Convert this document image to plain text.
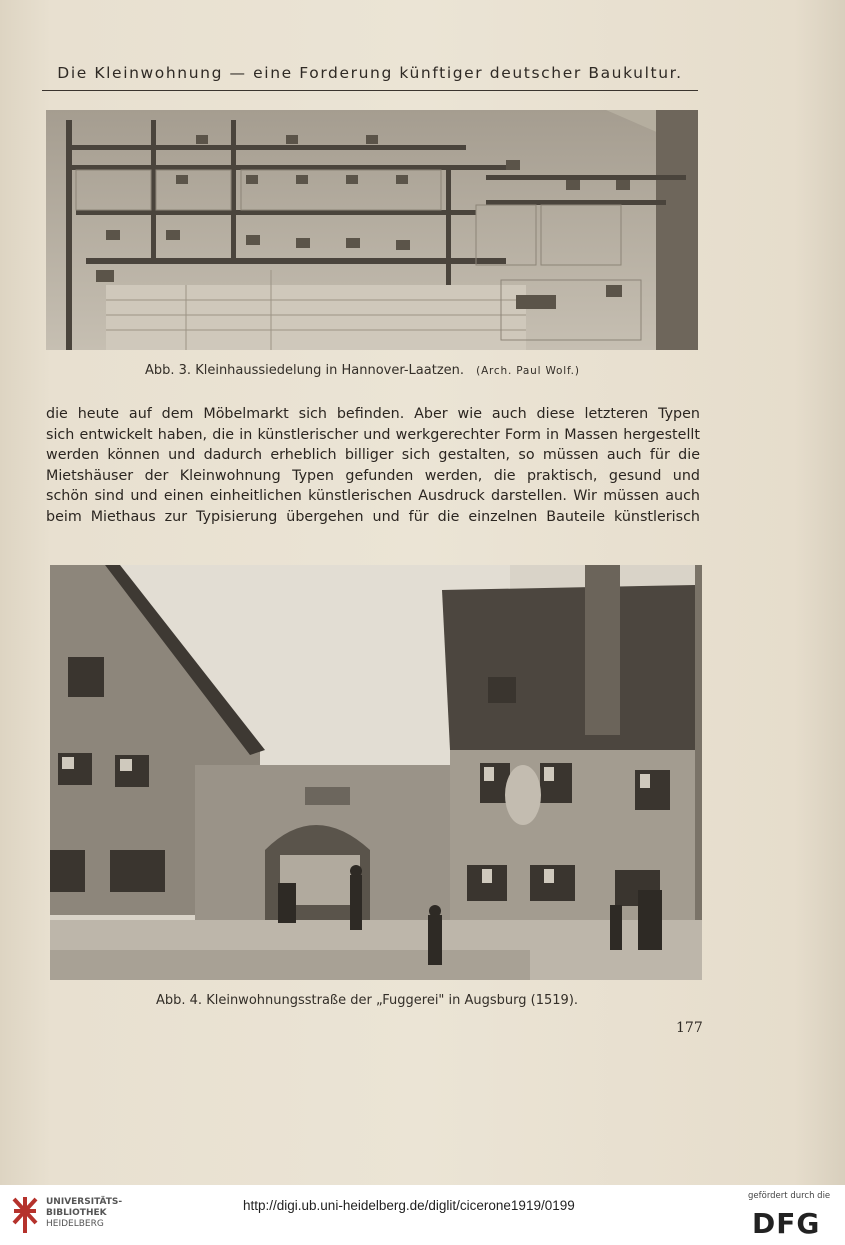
Die Kleinwohnung — eine Forderung künftiger deutscher Baukultur.
Abb. 3. Kleinhaussiedelung in Hannover-Laatzen. (Arch. Paul Wolf.)
die heute auf dem Möbelmarkt sich befinden. Aber wie auch diese letzteren Typen
sich entwickelt haben, die in künstlerischer und werkgerechter Form in Massen hergestellt
werden können und dadurch erheblich billiger sich gestalten, so müssen auch für die
Mietshäuser der Kleinwohnung Typen gefunden werden, die praktisch, gesund und
schön sind und einen einheitlichen künstlerischen Ausdruck darstellen. Wir müssen auch
beim Miethaus zur Typisierung übergehen und für die einzelnen Bauteile künstlerisch
Abb. 4. Kleinwohnungsstraße der „Fuggerei" in Augsburg (1519).
177
UNIVERSITÄTS-
BIBLIOTHEK
HEIDELBERG
http://digi.ub.uni-heidelberg.de/diglit/cicerone1919/0199
gefördert durch die
DFG
